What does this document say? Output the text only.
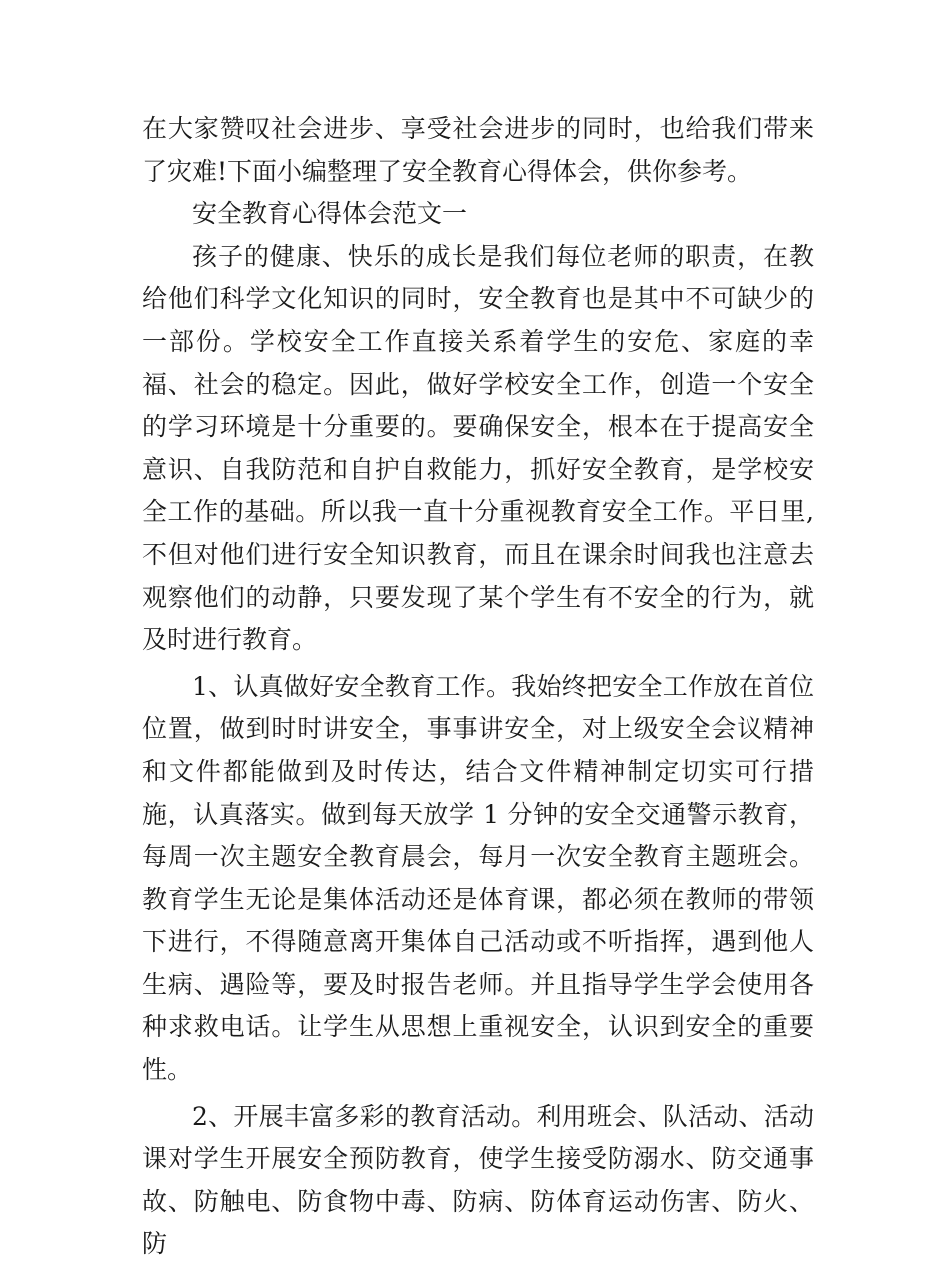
在大家赞叹社会进步、享受社会进步的同时，也给我们带来了灾难!下面小编整理了安全教育心得体会，供你参考。

安全教育心得体会范文一

孩子的健康、快乐的成长是我们每位老师的职责，在教给他们科学文化知识的同时，安全教育也是其中不可缺少的一部份。学校安全工作直接关系着学生的安危、家庭的幸福、社会的稳定。因此，做好学校安全工作，创造一个安全的学习环境是十分重要的。要确保安全，根本在于提高安全意识、自我防范和自护自救能力，抓好安全教育，是学校安全工作的基础。所以我一直十分重视教育安全工作。平日里,不但对他们进行安全知识教育，而且在课余时间我也注意去观察他们的动静，只要发现了某个学生有不安全的行为，就及时进行教育。

1、认真做好安全教育工作。我始终把安全工作放在首位位置，做到时时讲安全，事事讲安全，对上级安全会议精神和文件都能做到及时传达，结合文件精神制定切实可行措施，认真落实。做到每天放学 1 分钟的安全交通警示教育，每周一次主题安全教育晨会，每月一次安全教育主题班会。教育学生无论是集体活动还是体育课，都必须在教师的带领下进行，不得随意离开集体自己活动或不听指挥，遇到他人生病、遇险等，要及时报告老师。并且指导学生学会使用各种求救电话。让学生从思想上重视安全，认识到安全的重要性。

2、开展丰富多彩的教育活动。利用班会、队活动、活动课对学生开展安全预防教育，使学生接受防溺水、防交通事故、防触电、防食物中毒、防病、防体育运动伤害、防火、防
